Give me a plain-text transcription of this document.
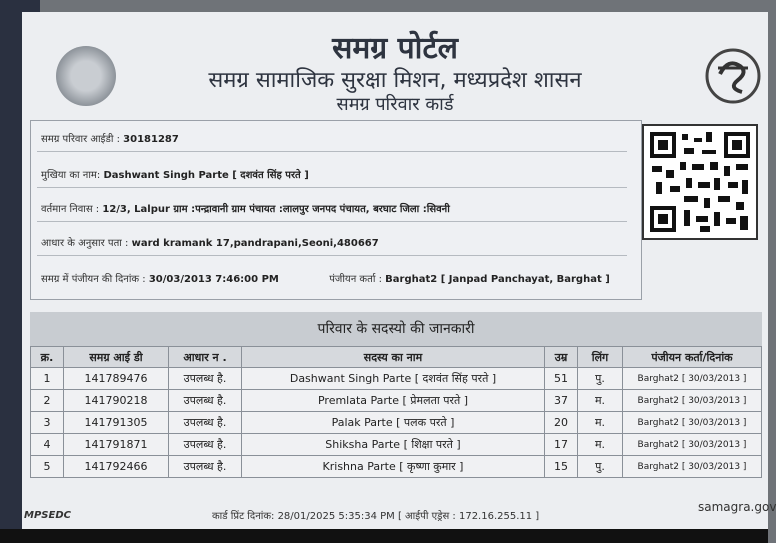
समग्र पोर्टल
समग्र सामाजिक सुरक्षा मिशन, मध्यप्रदेश शासन
समग्र परिवार कार्ड
समग्र परिवार आईडी : 30181287
मुखिया का नाम: Dashwant Singh Parte [ दशवंत सिंह परते ]
वर्तमान निवास : 12/3, Lalpur ग्राम :पन्द्रावानी ग्राम पंचायत :लालपुर जनपद पंचायत, बरघाट जिला :सिवनी
आधार के अनुसार पता : ward kramank 17,pandrapani,Seoni,480667
समग्र में पंजीयन की दिनांक : 30/03/2013 7:46:00 PM	पंजीयन कर्ता : Barghat2 [ Janpad Panchayat, Barghat ]
परिवार के सदस्यो की जानकारी
क्र.	समग्र आई डी	आधार न .	सदस्य का नाम	उम्र	लिंग	पंजीयन कर्ता/दिनांक
1	141789476	उपलब्ध है.	Dashwant Singh Parte [ दशवंत सिंह परते ]	51	पु.	Barghat2 [ 30/03/2013 ]
2	141790218	उपलब्ध है.	Premlata Parte [ प्रेमलता परते ]	37	म.	Barghat2 [ 30/03/2013 ]
3	141791305	उपलब्ध है.	Palak Parte [ पलक परते ]	20	म.	Barghat2 [ 30/03/2013 ]
4	141791871	उपलब्ध है.	Shiksha Parte [ शिक्षा परते ]	17	म.	Barghat2 [ 30/03/2013 ]
5	141792466	उपलब्ध है.	Krishna Parte [ कृष्णा कुमार ]	15	पु.	Barghat2 [ 30/03/2013 ]
MPSEDC	कार्ड प्रिंट दिनांक: 28/01/2025 5:35:34 PM [ आईपी एड्रेस : 172.16.255.11 ]
samagra.gov
